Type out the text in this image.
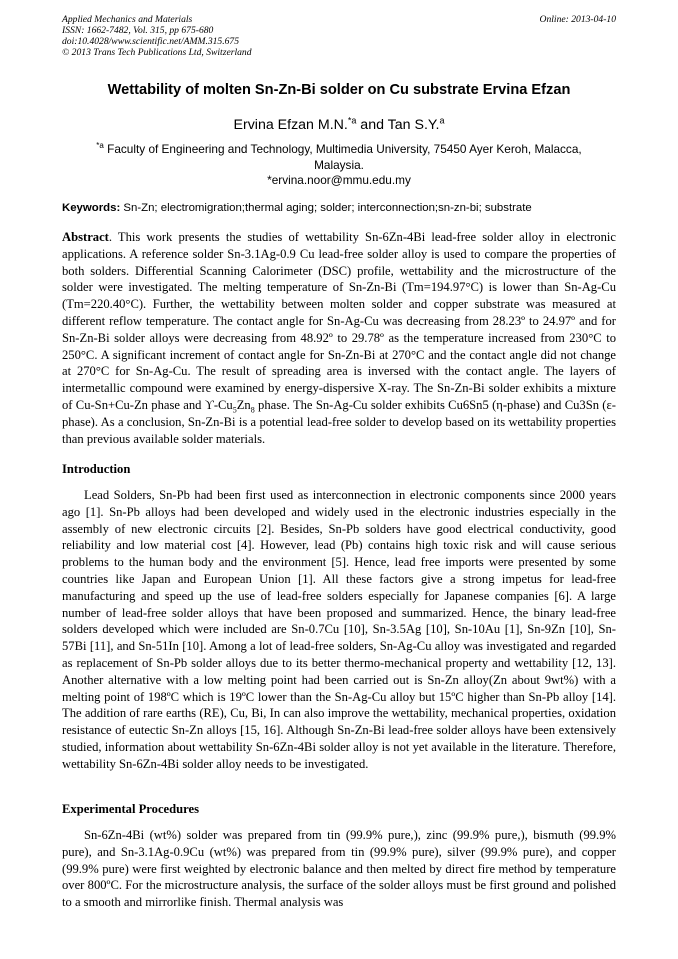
Applied Mechanics and Materials
ISSN: 1662-7482, Vol. 315, pp 675-680
doi:10.4028/www.scientific.net/AMM.315.675
© 2013 Trans Tech Publications Ltd, Switzerland
Online: 2013-04-10
Wettability of molten Sn-Zn-Bi solder on Cu substrate Ervina Efzan
Ervina Efzan M.N.$^{*a}$ and Tan S.Y.$^a$
$^{*a}$ Faculty of Engineering and Technology, Multimedia University, 75450 Ayer Keroh, Malacca,
Malaysia.
*ervina.noor@mmu.edu.my
Keywords: Sn-Zn; electromigration;thermal aging; solder; interconnection;sn-zn-bi; substrate
Abstract. This work presents the studies of wettability Sn-6Zn-4Bi lead-free solder alloy in electronic applications. A reference solder Sn-3.1Ag-0.9 Cu lead-free solder alloy is used to compare the properties of both solders. Differential Scanning Calorimeter (DSC) profile, wettability and the microstructure of the solder were investigated. The melting temperature of Sn-Zn-Bi (Tm=194.97°C) is lower than Sn-Ag-Cu (Tm=220.40°C). Further, the wettability between molten solder and copper substrate was measured at different reflow temperature. The contact angle for Sn-Ag-Cu was decreasing from 28.23º to 24.97º and for Sn-Zn-Bi solder alloys were decreasing from 48.92º to 29.78º as the temperature increased from 230°C to 250°C. A significant increment of contact angle for Sn-Zn-Bi at 270°C and the contact angle did not change at 270°C for Sn-Ag-Cu. The result of spreading area is inversed with the contact angle. The layers of intermetallic compound were examined by energy-dispersive X-ray. The Sn-Zn-Bi solder exhibits a mixture of Cu-Sn+Cu-Zn phase and $ϒ-Cu_5Zn_8$ phase. The Sn-Ag-Cu solder exhibits Cu6Sn5 (η-phase) and Cu3Sn (ε-phase). As a conclusion, Sn-Zn-Bi is a potential lead-free solder to develop based on its wettability properties than previous available solder materials.
Introduction
Lead Solders, Sn-Pb had been first used as interconnection in electronic components since 2000 years ago [1]. Sn-Pb alloys had been developed and widely used in the electronic industries especially in the assembly of new electronic circuits [2]. Besides, Sn-Pb solders have good electrical conductivity, good reliability and low material cost [4]. However, lead (Pb) contains high toxic risk and will cause serious problems to the human body and the environment [5]. Hence, lead free imports were presented by some countries like Japan and European Union [1]. All these factors give a strong impetus for lead-free manufacturing and speed up the use of lead-free solders especially for Japanese companies [6]. A large number of lead-free solder alloys that have been proposed and summarized. Hence, the binary lead-free solders developed which were included are Sn-0.7Cu [10], Sn-3.5Ag [10], Sn-10Au [1], Sn-9Zn [10], Sn-57Bi [11], and Sn-51In [10]. Among a lot of lead-free solders, Sn-Ag-Cu alloy was investigated and regarded as replacement of Sn-Pb solder alloys due to its better thermo-mechanical property and wettability [12, 13]. Another alternative with a low melting point had been carried out is Sn-Zn alloy(Zn about 9wt%) with a melting point of 198ºC which is 19ºC lower than the Sn-Ag-Cu alloy but 15ºC higher than Sn-Pb alloy [14]. The addition of rare earths (RE), Cu, Bi, In can also improve the wettability, mechanical properties, oxidation resistance of eutectic Sn-Zn alloys [15, 16]. Although Sn-Zn-Bi lead-free solder alloys have been extensively studied, information about wettability Sn-6Zn-4Bi solder alloy is not yet available in the literature. Therefore, wettability Sn-6Zn-4Bi solder alloy needs to be investigated.
Experimental Procedures
Sn-6Zn-4Bi (wt%) solder was prepared from tin (99.9% pure,), zinc (99.9% pure,), bismuth (99.9% pure), and Sn-3.1Ag-0.9Cu (wt%) was prepared from tin (99.9% pure), silver (99.9% pure), and copper (99.9% pure) were first weighted by electronic balance and then melted by direct fire method by temperature over 800ºC. For the microstructure analysis, the surface of the solder alloys must be first ground and polished to a smooth and mirrorlike finish. Thermal analysis was
